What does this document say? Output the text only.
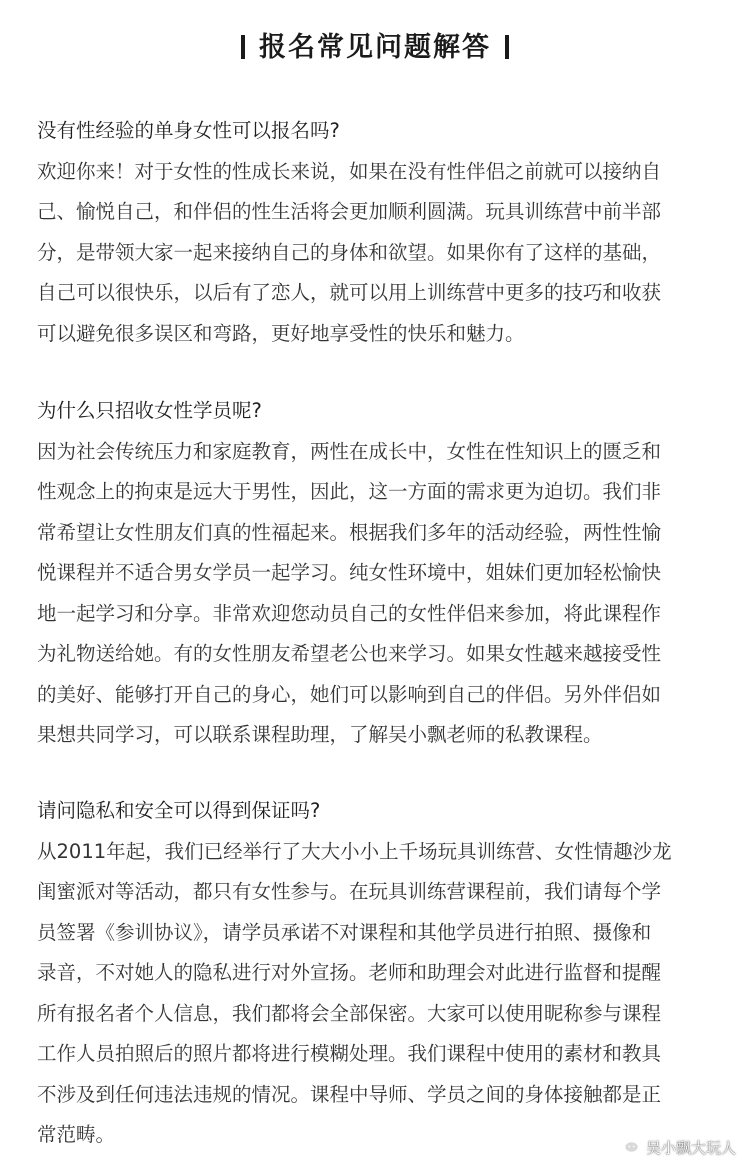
报名常见问题解答

没有性经验的单身女性可以报名吗?

欢迎你来！对于女性的性成长来说，如果在没有性伴侣之前就可以接纳自
己、愉悦自己，和伴侣的性生活将会更加顺利圆满。玩具训练营中前半部
分，是带领大家一起来接纳自己的身体和欲望。如果你有了这样的基础，
自己可以很快乐，以后有了恋人，就可以用上训练营中更多的技巧和收获
可以避免很多误区和弯路，更好地享受性的快乐和魅力。

为什么只招收女性学员呢?

因为社会传统压力和家庭教育，两性在成长中，女性在性知识上的匮乏和
性观念上的拘束是远大于男性，因此，这一方面的需求更为迫切。我们非
常希望让女性朋友们真的性福起来。根据我们多年的活动经验，两性性愉
悦课程并不适合男女学员一起学习。纯女性环境中，姐妹们更加轻松愉快
地一起学习和分享。非常欢迎您动员自己的女性伴侣来参加，将此课程作
为礼物送给她。有的女性朋友希望老公也来学习。如果女性越来越接受性
的美好、能够打开自己的身心，她们可以影响到自己的伴侣。另外伴侣如
果想共同学习，可以联系课程助理，了解吴小飘老师的私教课程。

请问隐私和安全可以得到保证吗?

从2011年起，我们已经举行了大大小小上千场玩具训练营、女性情趣沙龙
闺蜜派对等活动，都只有女性参与。在玩具训练营课程前，我们请每个学
员签署《参训协议》，请学员承诺不对课程和其他学员进行拍照、摄像和
录音，不对她人的隐私进行对外宣扬。老师和助理会对此进行监督和提醒
所有报名者个人信息，我们都将会全部保密。大家可以使用昵称参与课程
工作人员拍照后的照片都将进行模糊处理。我们课程中使用的素材和教具
不涉及到任何违法违规的情况。课程中导师、学员之间的身体接触都是正
常范畴。
吴小飘大玩人
